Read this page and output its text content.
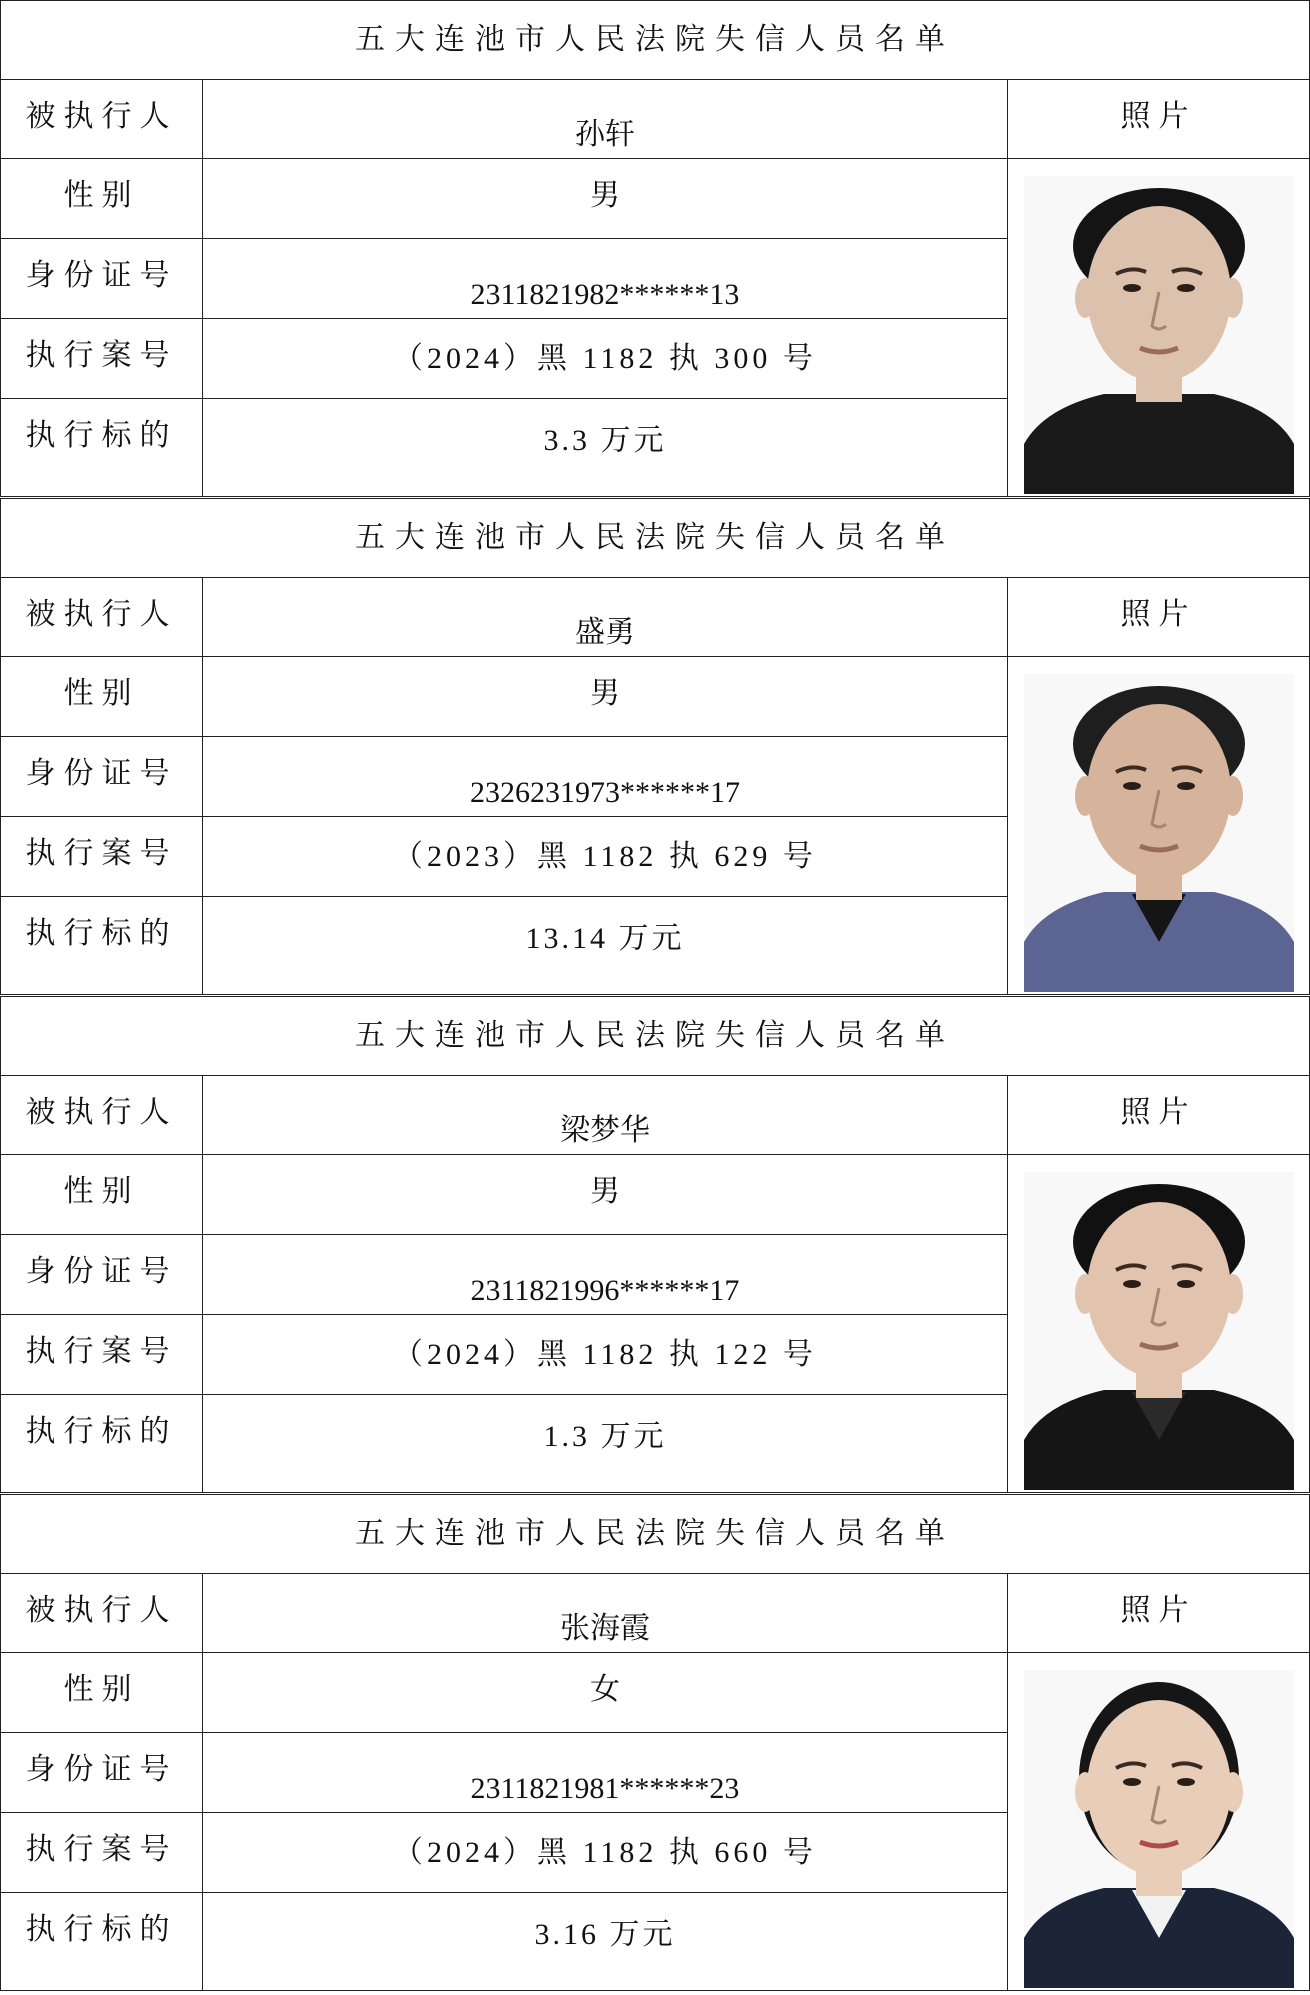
五大连池市人民法院失信人员名单		
被执行人	孙轩	照片
性别	男	

身份证号	2311821982******13	
执行案号	（2024）黑 1182 执 300 号	
执行标的	3.3 万元	
五大连池市人民法院失信人员名单		
被执行人	盛勇	照片
性别	男	

身份证号	2326231973******17	
执行案号	（2023）黑 1182 执 629 号	
执行标的	13.14 万元	
五大连池市人民法院失信人员名单		
被执行人	梁梦华	照片
性别	男	

身份证号	2311821996******17	
执行案号	（2024）黑 1182 执 122 号	
执行标的	1.3 万元	
五大连池市人民法院失信人员名单		
被执行人	张海霞	照片
性别	女	

身份证号	2311821981******23	
执行案号	（2024）黑 1182 执 660 号	
执行标的	3.16 万元	
